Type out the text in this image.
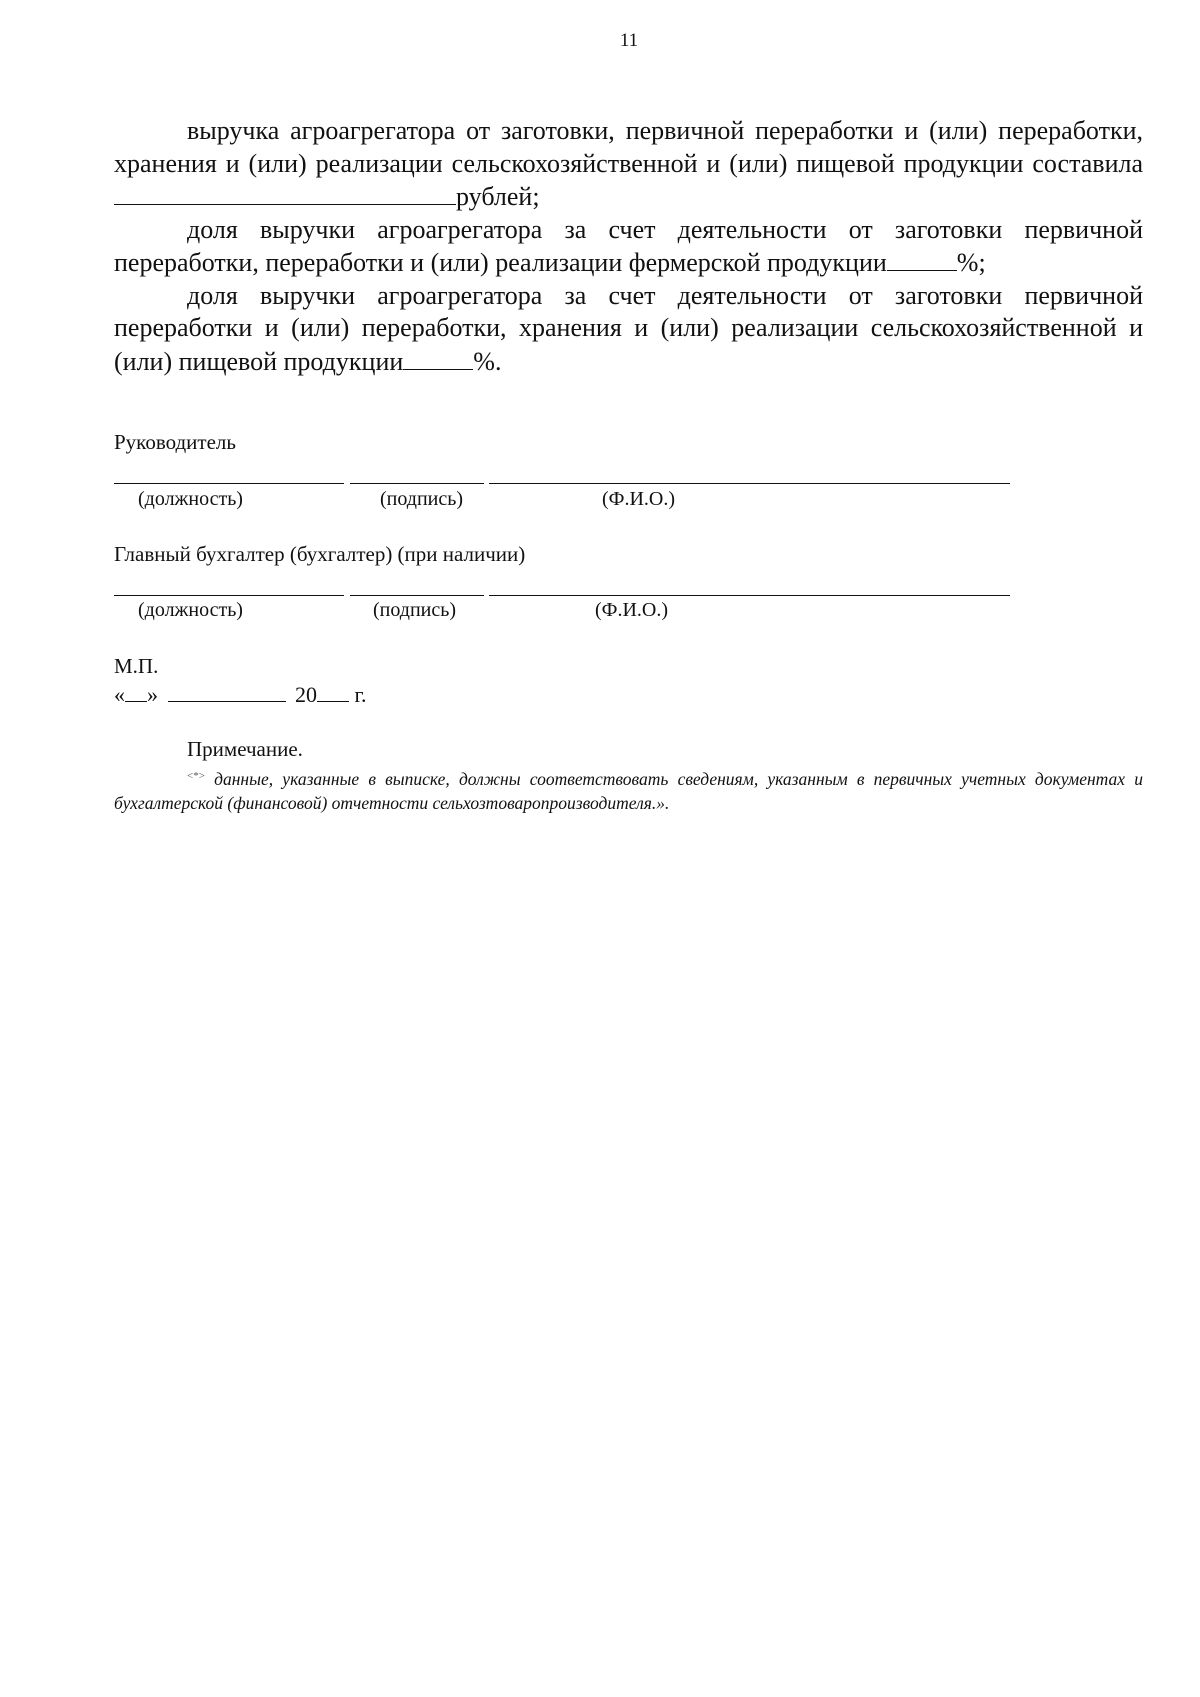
11

выручка агроагрегатора от заготовки, первичной переработки и (или) переработки, хранения и (или) реализации сельскохозяйственной и (или) пищевой продукции составила рублей;

доля выручки агроагрегатора за счет деятельности от заготовки первичной переработки, переработки и (или) реализации фермерской продукции	%;

доля выручки агроагрегатора за счет деятельности от заготовки первичной переработки и (или) переработки, хранения и (или) реализации сельскохозяйственной и (или) пищевой продукции	%.

Руководитель
(должность)	(подпись)	(Ф.И.О.)
Главный бухгалтер (бухгалтер) (при наличии)
(должность)	(подпись)	(Ф.И.О.)
М.П.
« »	20 г.
Примечание.
<*> данные, указанные в выписке, должны соответствовать сведениям, указанным в первичных учетных документах и бухгалтерской (финансовой) отчетности сельхозтоваропроизводителя.».
